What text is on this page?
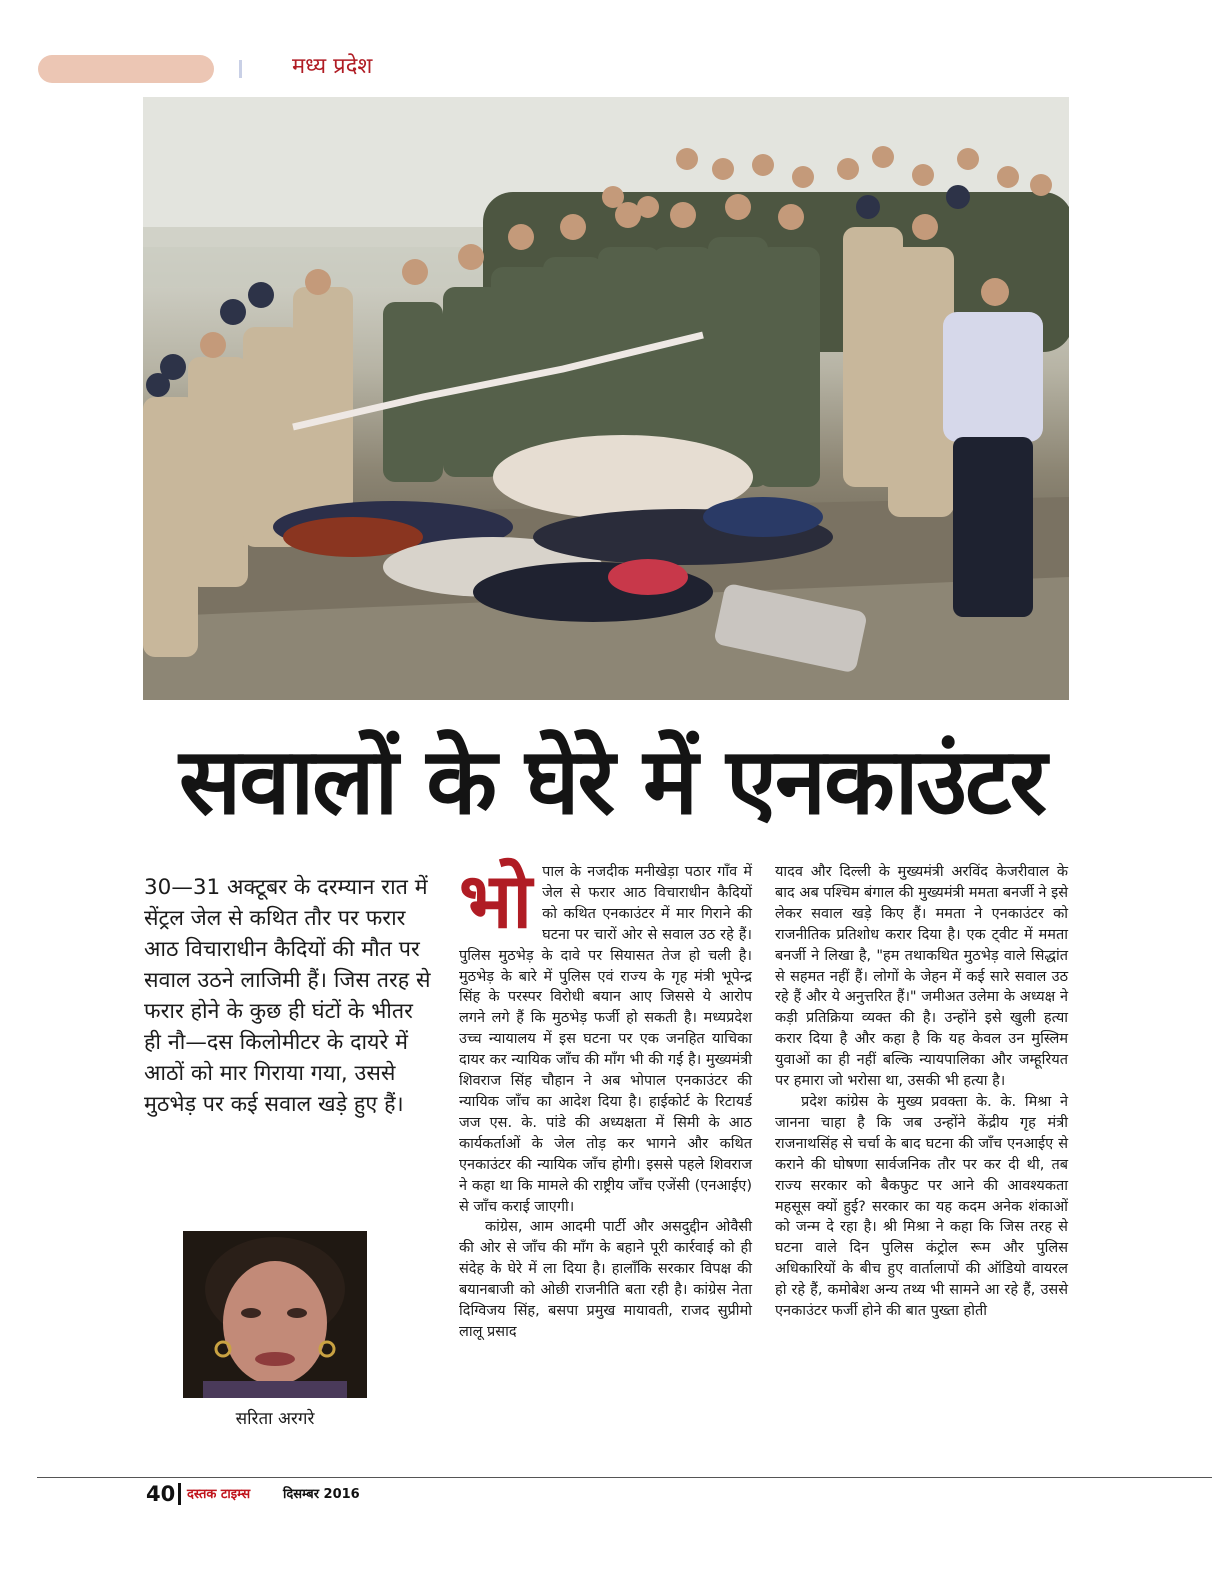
मध्य प्रदेश
सवालों के घेरे में एनकाउंटर
30—31 अक्टूबर के दरम्यान रात में सेंट्रल जेल से कथित तौर पर फरार आठ विचाराधीन कैदियों की मौत पर सवाल उठने लाजिमी हैं। जिस तरह से फरार होने के कुछ ही घंटों के भीतर ही नौ—दस किलोमीटर के दायरे में आठों को मार गिराया गया, उससे मुठभेड़ पर कई सवाल खड़े हुए हैं।
सरिता अरगरे

भोपाल के नजदीक मनीखेड़ा पठार गाँव में जेल से फरार आठ विचाराधीन कैदियों को कथित एनकाउंटर में मार गिराने की घटना पर चारों ओर से सवाल उठ रहे हैं। पुलिस मुठभेड़ के दावे पर सियासत तेज हो चली है। मुठभेड़ के बारे में पुलिस एवं राज्य के गृह मंत्री भूपेन्द्र सिंह के परस्पर विरोधी बयान आए जिससे ये आरोप लगने लगे हैं कि मुठभेड़ फर्जी हो सकती है। मध्यप्रदेश उच्च न्यायालय में इस घटना पर एक जनहित याचिका दायर कर न्यायिक जाँच की माँग भी की गई है। मुख्यमंत्री शिवराज सिंह चौहान ने अब भोपाल एनकाउंटर की न्यायिक जाँच का आदेश दिया है। हाईकोर्ट के रिटायर्ड जज एस. के. पांडे की अध्यक्षता में सिमी के आठ कार्यकर्ताओं के जेल तोड़ कर भागने और कथित एनकाउंटर की न्यायिक जाँच होगी। इससे पहले शिवराज ने कहा था कि मामले की राष्ट्रीय जाँच एजेंसी (एनआईए) से जाँच कराई जाएगी।

कांग्रेस, आम आदमी पार्टी और असदुद्दीन ओवैसी की ओर से जाँच की माँग के बहाने पूरी कार्रवाई को ही संदेह के घेरे में ला दिया है। हालाँकि सरकार विपक्ष की बयानबाजी को ओछी राजनीति बता रही है। कांग्रेस नेता दिग्विजय सिंह, बसपा प्रमुख मायावती, राजद सुप्रीमो लालू प्रसाद

यादव और दिल्ली के मुख्यमंत्री अरविंद केजरीवाल के बाद अब पश्चिम बंगाल की मुख्यमंत्री ममता बनर्जी ने इसे लेकर सवाल खड़े किए हैं। ममता ने एनकाउंटर को राजनीतिक प्रतिशोध करार दिया है। एक ट्वीट में ममता बनर्जी ने लिखा है, "हम तथाकथित मुठभेड़ वाले सिद्धांत से सहमत नहीं हैं। लोगों के जेहन में कई सारे सवाल उठ रहे हैं और ये अनुत्तरित हैं।" जमीअत उलेमा के अध्यक्ष ने कड़ी प्रतिक्रिया व्यक्त की है। उन्होंने इसे खुली हत्या करार दिया है और कहा है कि यह केवल उन मुस्लिम युवाओं का ही नहीं बल्कि न्यायपालिका और जम्हूरियत पर हमारा जो भरोसा था, उसकी भी हत्या है।

प्रदेश कांग्रेस के मुख्य प्रवक्ता के. के. मिश्रा ने जानना चाहा है कि जब उन्होंने केंद्रीय गृह मंत्री राजनाथसिंह से चर्चा के बाद घटना की जाँच एनआईए से कराने की घोषणा सार्वजनिक तौर पर कर दी थी, तब राज्य सरकार को बैकफुट पर आने की आवश्यकता महसूस क्यों हुई? सरकार का यह कदम अनेक शंकाओं को जन्म दे रहा है। श्री मिश्रा ने कहा कि जिस तरह से घटना वाले दिन पुलिस कंट्रोल रूम और पुलिस अधिकारियों के बीच हुए वार्तालापों की ऑडियो वायरल हो रहे हैं, कमोबेश अन्य तथ्य भी सामने आ रहे हैं, उससे एनकाउंटर फर्जी होने की बात पुख्ता होती

40 दस्तक टाइम्स	दिसम्बर 2016
